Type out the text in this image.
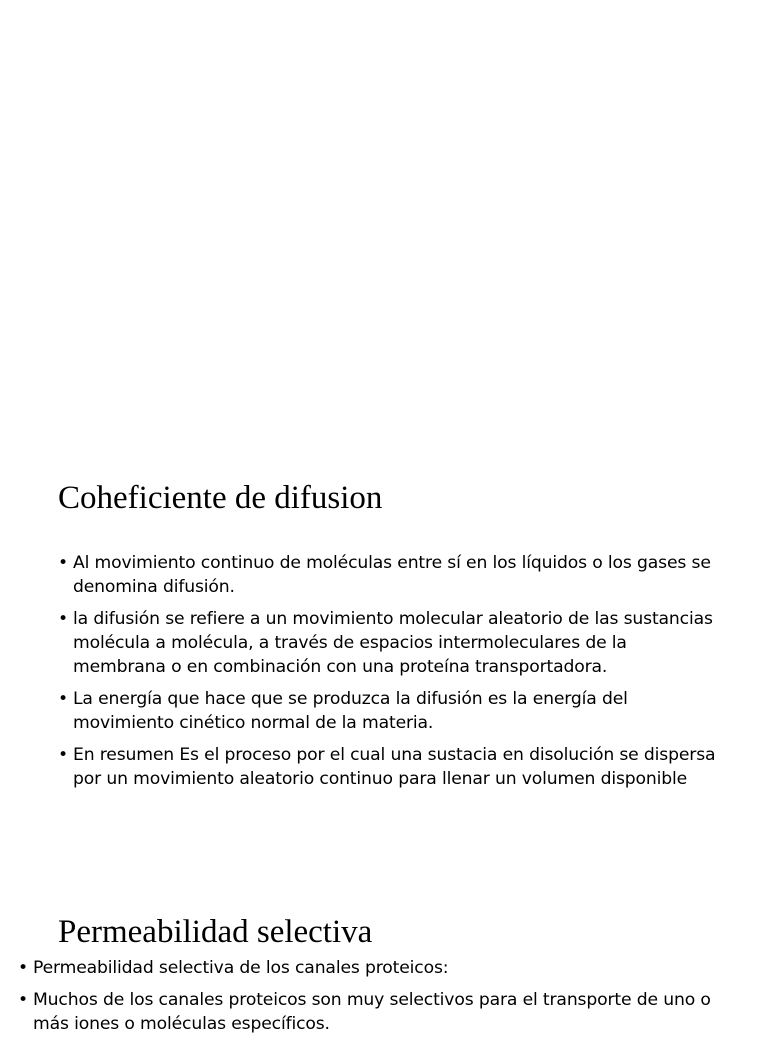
Coheficiente de difusion
• Al movimiento continuo de moléculas entre sí en los líquidos o los gases se denomina difusión.
• la difusión se refiere a un movimiento molecular aleatorio de las sustancias molécula a molécula, a través de espacios intermoleculares de la membrana o en combinación con una proteína transportadora.
• La energía que hace que se produzca la difusión es la energía del movimiento cinético normal de la materia.
• En resumen Es el proceso por el cual una sustacia en disolución se dispersa por un movimiento aleatorio continuo para llenar un volumen disponible
Permeabilidad selectiva
• Permeabilidad selectiva de los canales proteicos:
• Muchos de los canales proteicos son muy selectivos para el transporte de uno o más iones o moléculas específicos.
